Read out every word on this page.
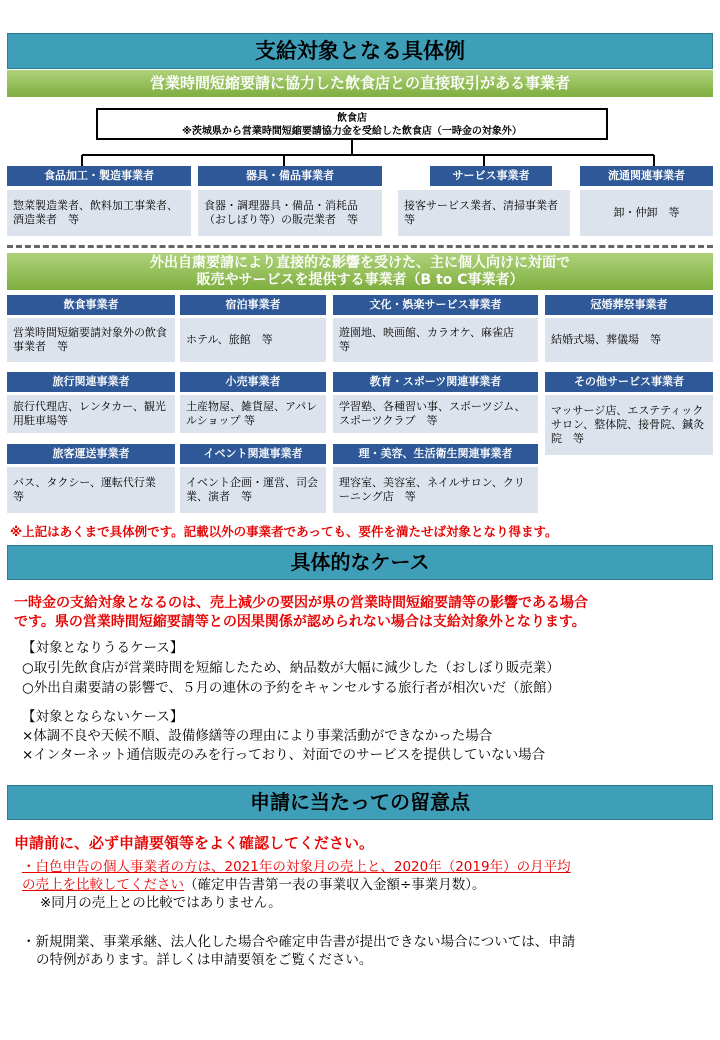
支給対象となる具体例
営業時間短縮要請に協力した飲食店との直接取引がある事業者
飲食店
※茨城県から営業時間短縮要請協力金を受給した飲食店（一時金の対象外）
食品加工・製造事業者
惣菜製造業者、飲料加工事業者、酒造業者　等
器具・備品事業者
食器・調理器具・備品・消耗品（おしぼり等）の販売業者　等
サービス事業者
接客サービス業者、清掃事業者　等
流通関連事業者
卸・仲卸　等
外出自粛要請により直接的な影響を受けた、主に個人向けに対面で
販売やサービスを提供する事業者（B to C事業者）
飲食事業者
営業時間短縮要請対象外の飲食事業者　等
宿泊事業者
ホテル、旅館　等
文化・娯楽サービス事業者
遊園地、映画館、カラオケ、麻雀店　等
冠婚葬祭事業者
結婚式場、葬儀場　等
旅行関連事業者
旅行代理店、レンタカー、観光用駐車場等
小売事業者
土産物屋、雑貨屋、アパレルショップ 等
教育・スポーツ関連事業者
学習塾、各種習い事、スポーツジム、スポーツクラブ　等
その他サービス事業者
マッサージ店、エステティックサロン、整体院、接骨院、鍼灸院　等
旅客運送事業者
バス、タクシー、運転代行業　等
イベント関連事業者
イベント企画・運営、司会業、演者　等
理・美容、生活衛生関連事業者
理容室、美容室、ネイルサロン、クリーニング店　等
※上記はあくまで具体例です。記載以外の事業者であっても、要件を満たせば対象となり得ます。
具体的なケース
一時金の支給対象となるのは、売上減少の要因が県の営業時間短縮要請等の影響である場合
です。県の営業時間短縮要請等との因果関係が認められない場合は支給対象外となります。
【対象となりうるケース】
○取引先飲食店が営業時間を短縮したため、納品数が大幅に減少した（おしぼり販売業）
○外出自粛要請の影響で、５月の連休の予約をキャンセルする旅行者が相次いだ（旅館）
【対象とならないケース】
×体調不良や天候不順、設備修繕等の理由により事業活動ができなかった場合
×インターネット通信販売のみを行っており、対面でのサービスを提供していない場合
申請に当たっての留意点
申請前に、必ず申請要領等をよく確認してください。
・白色申告の個人事業者の方は、2021年の対象月の売上と、2020年（2019年）の月平均
の売上を比較してください（確定申告書第一表の事業収入金額÷事業月数）。
※同月の売上との比較ではありません。
・新規開業、事業承継、法人化した場合や確定申告書が提出できない場合については、申請
の特例があります。詳しくは申請要領をご覧ください。
